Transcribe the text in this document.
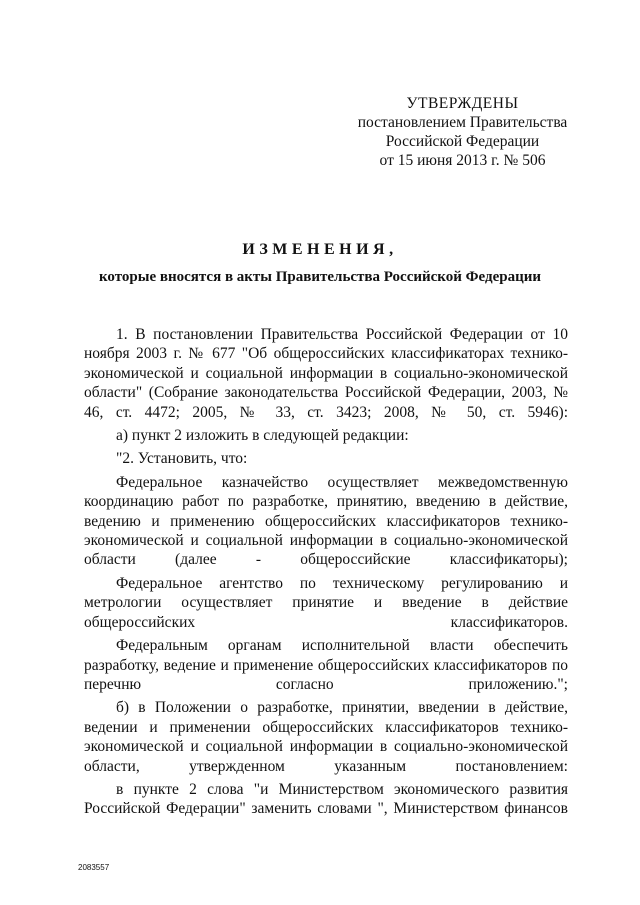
УТВЕРЖДЕНЫ
постановлением Правительства
Российской Федерации
от 15 июня 2013 г. № 506
ИЗМЕНЕНИЯ,
которые вносятся в акты Правительства Российской Федерации

1. В постановлении Правительства Российской Федерации от 10 ноября 2003 г. № 677 "Об общероссийских классификаторах технико-экономической и социальной информации в социально-экономической области" (Собрание законодательства Российской Федерации, 2003, № 46, ст. 4472; 2005, № 33, ст. 3423; 2008, № 50, ст. 5946):

а) пункт 2 изложить в следующей редакции:

"2. Установить, что:

Федеральное казначейство осуществляет межведомственную координацию работ по разработке, принятию, введению в действие, ведению и применению общероссийских классификаторов технико-экономической и социальной информации в социально-экономической области (далее - общероссийские классификаторы);

Федеральное агентство по техническому регулированию и метрологии осуществляет принятие и введение в действие общероссийских классификаторов.

Федеральным органам исполнительной власти обеспечить разработку, ведение и применение общероссийских классификаторов по перечню согласно приложению.";

б) в Положении о разработке, принятии, введении в действие, ведении и применении общероссийских классификаторов технико-экономической и социальной информации в социально-экономической области, утвержденном указанным постановлением:

в пункте 2 слова "и Министерством экономического развития Российской Федерации" заменить словами ", Министерством финансов

2083557
